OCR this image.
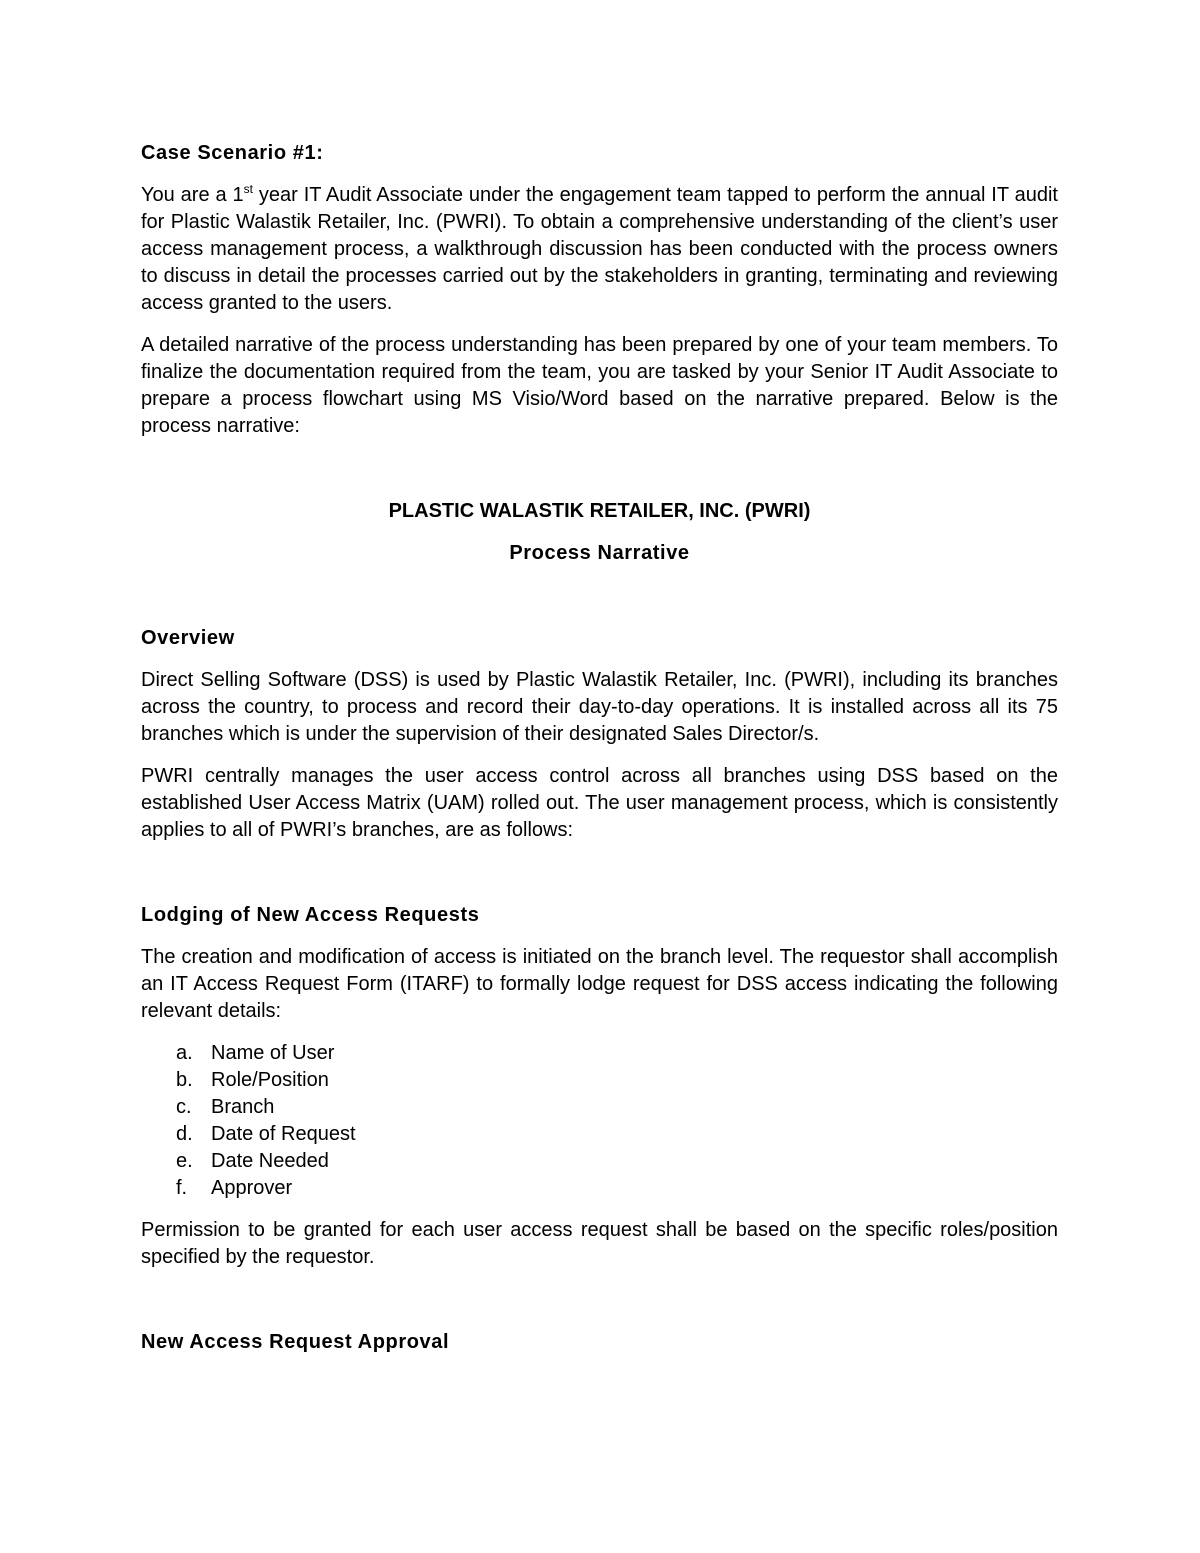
Case Scenario #1:

You are a 1st year IT Audit Associate under the engagement team tapped to perform the annual IT audit for Plastic Walastik Retailer, Inc. (PWRI). To obtain a comprehensive understanding of the client’s user access management process, a walkthrough discussion has been conducted with the process owners to discuss in detail the processes carried out by the stakeholders in granting, terminating and reviewing access granted to the users.

A detailed narrative of the process understanding has been prepared by one of your team members. To finalize the documentation required from the team, you are tasked by your Senior IT Audit Associate to prepare a process flowchart using MS Visio/Word based on the narrative prepared. Below is the process narrative:

PLASTIC WALASTIK RETAILER, INC. (PWRI)

Process Narrative

Overview

Direct Selling Software (DSS) is used by Plastic Walastik Retailer, Inc. (PWRI), including its branches across the country, to process and record their day-to-day operations. It is installed across all its 75 branches which is under the supervision of their designated Sales Director/s.

PWRI centrally manages the user access control across all branches using DSS based on the established User Access Matrix (UAM) rolled out. The user management process, which is consistently applies to all of PWRI’s branches, are as follows:

Lodging of New Access Requests

The creation and modification of access is initiated on the branch level. The requestor shall accomplish an IT Access Request Form (ITARF) to formally lodge request for DSS access indicating the following relevant details:

a. Name of User
b. Role/Position
c. Branch
d. Date of Request
e. Date Needed
f.	Approver

Permission to be granted for each user access request shall be based on the specific roles/position specified by the requestor.

New Access Request Approval
